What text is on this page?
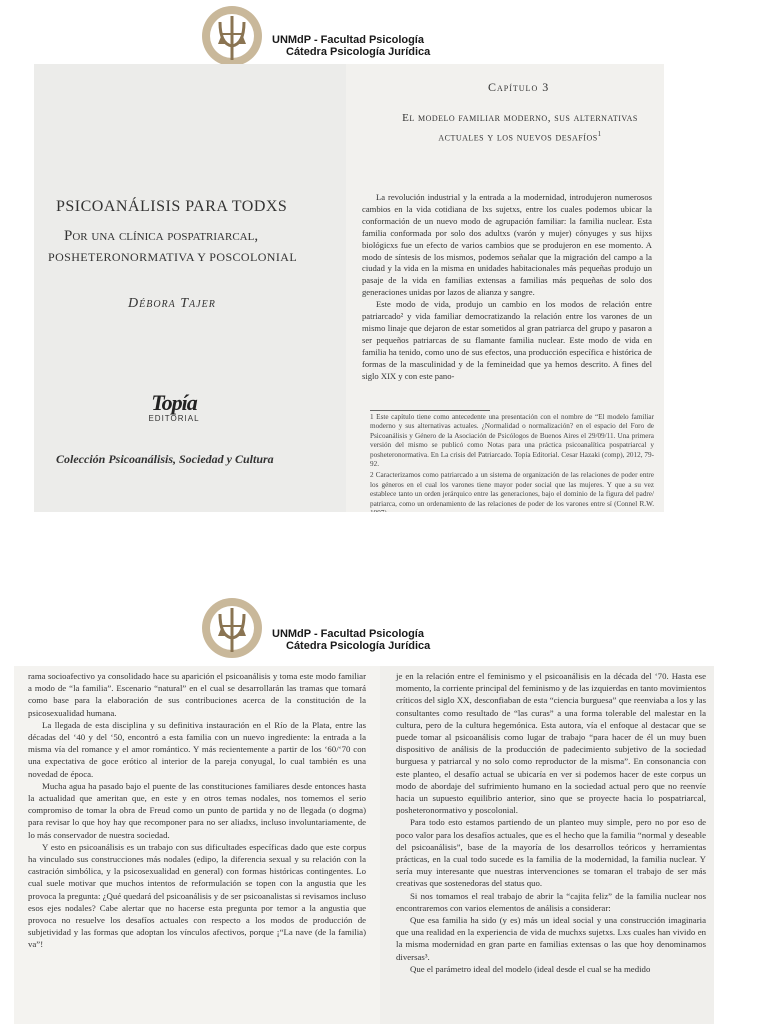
UNMdP - Facultad Psicología
Cátedra Psicología Jurídica
PSICOANÁLISIS PARA TODXS
Por una clínica pospatriarcal,
POSHETERONORMATIVA Y POSCOLONIAL
Débora Tajer
Topía
EDITORIAL
Colección Psicoanálisis, Sociedad y Cultura
Capítulo 3
El modelo familiar moderno, sus alternativas actuales y los nuevos desafíos$^1$

La revolución industrial y la entrada a la modernidad, introdujeron numerosos cambios en la vida cotidiana de lxs sujetxs, entre los cuales podemos ubicar la conformación de un nuevo modo de agrupación familiar: la familia nuclear. Esta familia conformada por solo dos adultxs (varón y mujer) cónyuges y sus hijxs biológicxs fue un efecto de varios cambios que se produjeron en ese momento. A modo de síntesis de los mismos, podemos señalar que la migración del campo a la ciudad y la vida en la misma en unidades habitacionales más pequeñas produjo un pasaje de la vida en familias extensas a familias más pequeñas de solo dos generaciones unidas por lazos de alianza y sangre.

Este modo de vida, produjo un cambio en los modos de relación entre patriarcado² y vida familiar democratizando la relación entre los varones de un mismo linaje que dejaron de estar sometidos al gran patriarca del grupo y pasaron a ser pequeños patriarcas de su flamante familia nuclear. Este modo de vida en familia ha tenido, como uno de sus efectos, una producción específica e histórica de formas de la masculinidad y de la femineidad que ya hemos descrito. A fines del siglo XIX y con este pano-

1 Este capítulo tiene como antecedente una presentación con el nombre de “El modelo familiar moderno y sus alternativas actuales. ¿Normalidad o normalización? en el espacio del Foro de Psicoanálisis y Género de la Asociación de Psicólogos de Buenos Aires el 29/09/11. Una primera versión del mismo se publicó como Notas para una práctica psicoanalítica pospatriarcal y posheteronormativa. En La crisis del Patriarcado. Topía Editorial. Cesar Hazaki (comp), 2012, 79-92.

2 Caracterizamos como patriarcado a un sistema de organización de las relaciones de poder entre los géneros en el cual los varones tiene mayor poder social que las mujeres. Y que a su vez establece tanto un orden jerárquico entre las generaciones, bajo el dominio de la figura del padre/ patriarca, como un ordenamiento de las relaciones de poder de los varones entre sí (Connel R.W.

UNMdP - Facultad Psicología
Cátedra Psicología Jurídica

rama socioafectivo ya consolidado hace su aparición el psicoanálisis y toma este modo familiar a modo de “la familia”. Escenario “natural” en el cual se desarrollarán las tramas que tomará como base para la elaboración de sus contribuciones acerca de la constitución de la psicosexualidad humana.

La llegada de esta disciplina y su definitiva instauración en el Río de la Plata, entre las décadas del ‘40 y del ‘50, encontró a esta familia con un nuevo ingrediente: la entrada a la misma vía del romance y el amor romántico. Y más recientemente a partir de los ‘60/‘70 con una expectativa de goce erótico al interior de la pareja conyugal, lo cual también es una novedad de época.

Mucha agua ha pasado bajo el puente de las constituciones familiares desde entonces hasta la actualidad que ameritan que, en este y en otros temas nodales, nos tomemos el serio compromiso de tomar la obra de Freud como un punto de partida y no de llegada (o dogma) para revisar lo que hoy hay que recomponer para no ser aliadxs, incluso involuntariamente, de lo más conservador de nuestra sociedad.

Y esto en psicoanálisis es un trabajo con sus dificultades específicas dado que este corpus ha vinculado sus construcciones más nodales (edipo, la diferencia sexual y su relación con la castración simbólica, y la psicosexualidad en general) con formas históricas contingentes. Lo cual suele motivar que muchos intentos de reformulación se topen con la angustia que les provoca la pregunta: ¿Qué quedará del psicoanálisis y de ser psicoanalistas si revisamos incluso esos ejes nodales? Cabe alertar que no hacerse esta pregunta por temor a la angustia que provoca no resuelve los desafíos actuales con respecto a los modos de producción de subjetividad y las formas que adoptan los vínculos afectivos, porque ¡“La nave (de la familia) va”!

je en la relación entre el feminismo y el psicoanálisis en la década del ‘70. Hasta ese momento, la corriente principal del feminismo y de las izquierdas en tanto movimientos críticos del siglo XX, desconfiaban de esta “ciencia burguesa” que reenviaba a los y las consultantes como resultado de “las curas” a una forma tolerable del malestar en la cultura, pero de la cultura hegemónica. Esta autora, vía el enfoque al destacar que se puede tomar al psicoanálisis como lugar de trabajo “para hacer de él un muy buen dispositivo de análisis de la producción de padecimiento subjetivo de la sociedad burguesa y patriarcal y no solo como reproductor de la misma”. En consonancia con este planteo, el desafío actual se ubicaría en ver si podemos hacer de este corpus un modo de abordaje del sufrimiento humano en la sociedad actual pero que no reenvíe hacia un supuesto equilibrio anterior, sino que se proyecte hacia lo pospatriarcal, posheteronormativo y poscolonial.

Para todo esto estamos partiendo de un planteo muy simple, pero no por eso de poco valor para los desafíos actuales, que es el hecho que la familia “normal y deseable del psicoanálisis”, base de la mayoría de los desarrollos teóricos y herramientas prácticas, en la cual todo sucede es la familia de la modernidad, la familia nuclear. Y sería muy interesante que nuestras intervenciones se tomaran el trabajo de ser más creativas que sostenedoras del status quo.

Si nos tomamos el real trabajo de abrir la “cajita feliz” de la familia nuclear nos encontraremos con varios elementos de análisis a considerar:

Que esa familia ha sido (y es) más un ideal social y una construcción imaginaria que una realidad en la experiencia de vida de muchxs sujetxs. Lxs cuales han vivido en la misma modernidad en gran parte en familias extensas o las que hoy denominamos diversas³.

Que el parámetro ideal del modelo (ideal desde el cual se ha medido
